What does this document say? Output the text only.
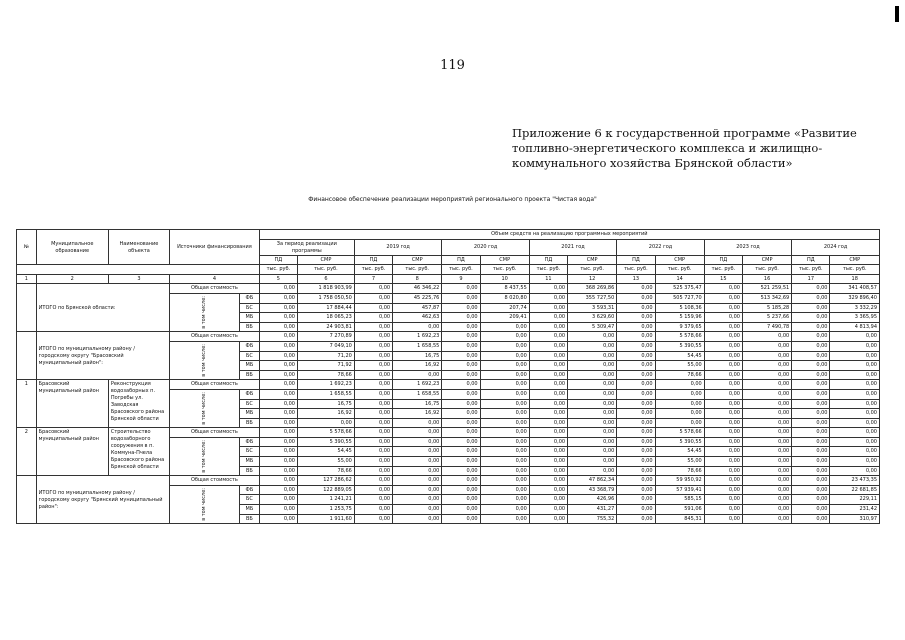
119
Приложение 6 к государственной программе «Развитие топливно-энергетического комплекса и жилищно-коммунального хозяйства Брянской области»
Финансовое обеспечение реализации мероприятий регионального проекта "Чистая вода"
№	Муниципальное образование	Наименование объекта	Источники финансирования		Объем средств на реализацию программных мероприятий													
					За период реализации программы		2019 год		2020 год		2021 год		2022 год		2023 год		2024 год	
					ПД	СМР	ПД	СМР	ПД	СМР	ПД	СМР	ПД	СМР	ПД	СМР	ПД	СМР
					тыс. руб.	тыс. руб.	тыс. руб.	тыс. руб.	тыс. руб.	тыс. руб.	тыс. руб.	тыс. руб.	тыс. руб.	тыс. руб.	тыс. руб.	тыс. руб.	тыс. руб.	тыс. руб.
1	2	3	4		5	6	7	8	9	10	11	12	13	14	15	16	17	18
	ИТОГО по Брянской области:		Общая стоимость		0,00	1 818 903,99	0,00	46 346,22	0,00	8 437,55	0,00	368 269,86	0,00	525 375,47	0,00	521 259,51	0,00	341 408,57

			в том числе:	ФБ	0,00	1 758 050,50	0,00	45 225,76	0,00	8 020,80	0,00	355 727,50	0,00	505 727,70	0,00	513 342,69	0,00	329 896,40
				БС	0,00	17 884,44	0,00	457,87	0,00	207,74	0,00	3 593,31	0,00	5 108,36	0,00	5 185,28	0,00	3 332,29
				МБ	0,00	18 065,23	0,00	462,63	0,00	209,41	0,00	3 629,60	0,00	5 159,96	0,00	5 237,66	0,00	3 365,95
				ВБ	0,00	24 903,81	0,00	0,00	0,00	0,00	0,00	5 309,47	0,00	9 379,65	0,00	7 490,78	0,00	4 813,94
	ИТОГО по муниципальному району / городскому округу "Брасовский муниципальный район":		Общая стоимость		0,00	7 270,89	0,00	1 692,23	0,00	0,00	0,00	0,00	0,00	5 578,66	0,00	0,00	0,00	0,00

			в том числе:	ФБ	0,00	7 049,10	0,00	1 658,55	0,00	0,00	0,00	0,00	0,00	5 390,55	0,00	0,00	0,00	0,00
				БС	0,00	71,20	0,00	16,75	0,00	0,00	0,00	0,00	0,00	54,45	0,00	0,00	0,00	0,00
				МБ	0,00	71,92	0,00	16,92	0,00	0,00	0,00	0,00	0,00	55,00	0,00	0,00	0,00	0,00
				ВБ	0,00	78,66	0,00	0,00	0,00	0,00	0,00	0,00	0,00	78,66	0,00	0,00	0,00	0,00
1	Брасовский муниципальный район	Реконструкция водозаборных п. Погребы ул. Заводская Брасовского района Брянской области	Общая стоимость		0,00	1 692,23	0,00	1 692,23	0,00	0,00	0,00	0,00	0,00	0,00	0,00	0,00	0,00	0,00

			в том числе:	ФБ	0,00	1 658,55	0,00	1 658,55	0,00	0,00	0,00	0,00	0,00	0,00	0,00	0,00	0,00	0,00
				БС	0,00	16,75	0,00	16,75	0,00	0,00	0,00	0,00	0,00	0,00	0,00	0,00	0,00	0,00
				МБ	0,00	16,92	0,00	16,92	0,00	0,00	0,00	0,00	0,00	0,00	0,00	0,00	0,00	0,00
				ВБ	0,00	0,00	0,00	0,00	0,00	0,00	0,00	0,00	0,00	0,00	0,00	0,00	0,00	0,00
2	Брасовский муниципальный район	Строительство водозаборного сооружения в п. Коммуна-Пчела Брасовского района Брянской области	Общая стоимость		0,00	5 578,66	0,00	0,00	0,00	0,00	0,00	0,00	0,00	5 578,66	0,00	0,00	0,00	0,00

			в том числе:	ФБ	0,00	5 390,55	0,00	0,00	0,00	0,00	0,00	0,00	0,00	5 390,55	0,00	0,00	0,00	0,00
				БС	0,00	54,45	0,00	0,00	0,00	0,00	0,00	0,00	0,00	54,45	0,00	0,00	0,00	0,00
				МБ	0,00	55,00	0,00	0,00	0,00	0,00	0,00	0,00	0,00	55,00	0,00	0,00	0,00	0,00
				ВБ	0,00	78,66	0,00	0,00	0,00	0,00	0,00	0,00	0,00	78,66	0,00	0,00	0,00	0,00
	ИТОГО по муниципальному району / городскому округу "Брянский муниципальный район":		Общая стоимость		0,00	127 286,62	0,00	0,00	0,00	0,00	0,00	47 862,34	0,00	59 950,92	0,00	0,00	0,00	23 473,35

			в том числе:	ФБ	0,00	122 889,05	0,00	0,00	0,00	0,00	0,00	43 368,79	0,00	57 939,41	0,00	0,00	0,00	22 681,85
				БС	0,00	1 241,21	0,00	0,00	0,00	0,00	0,00	426,96	0,00	585,15	0,00	0,00	0,00	229,11
				МБ	0,00	1 253,75	0,00	0,00	0,00	0,00	0,00	431,27	0,00	591,06	0,00	0,00	0,00	231,42
				ВБ	0,00	1 911,60	0,00	0,00	0,00	0,00	0,00	755,32	0,00	845,31	0,00	0,00	0,00	310,97
